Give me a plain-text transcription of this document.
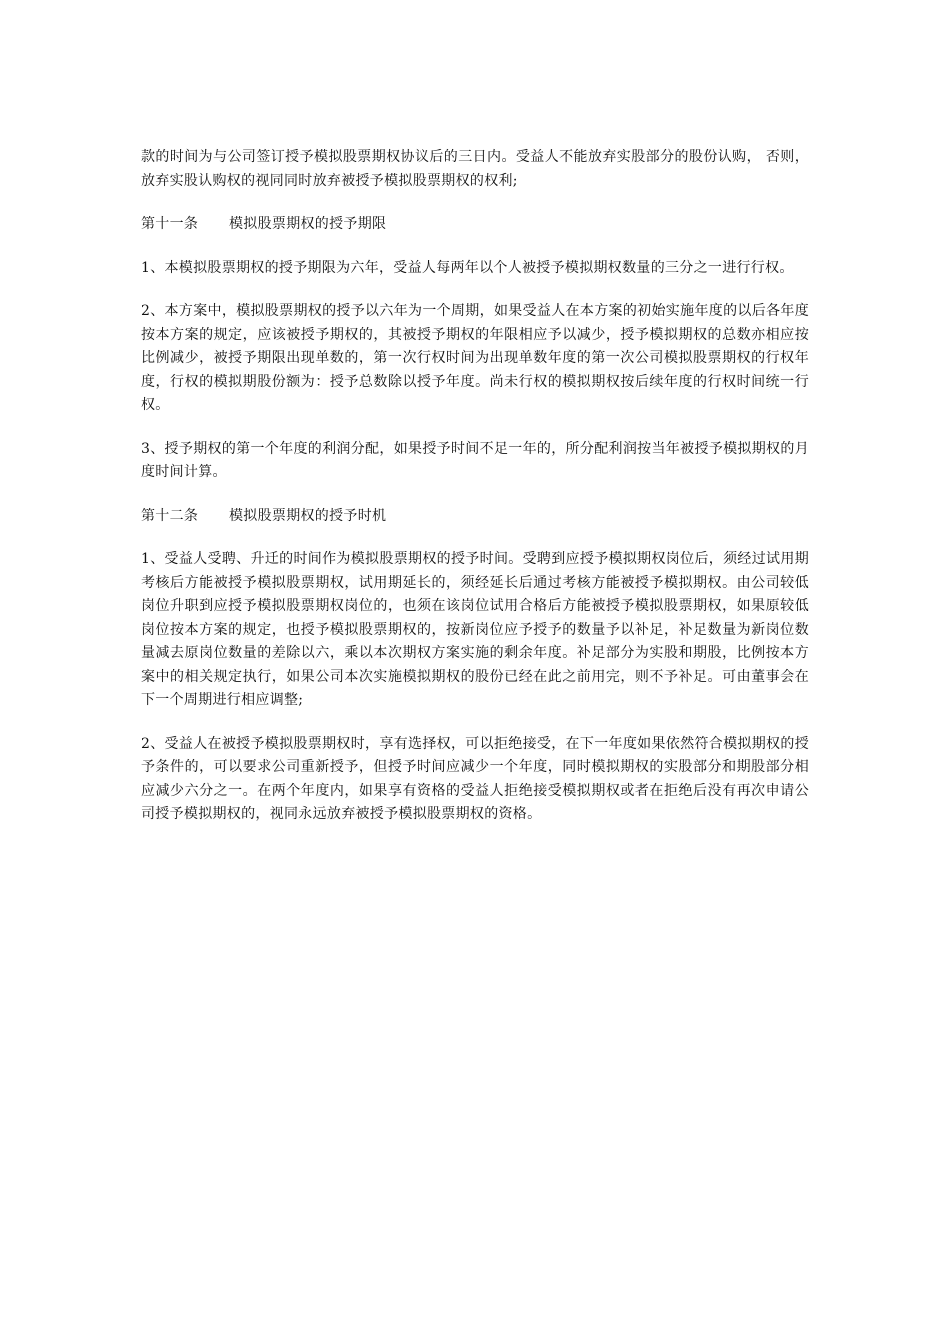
款的时间为与公司签订授予模拟股票期权协议后的三日内。受益人不能放弃实股部分的股份认购， 否则，放弃实股认购权的视同同时放弃被授予模拟股票期权的权利;

第十一条 模拟股票期权的授予期限

1、本模拟股票期权的授予期限为六年，受益人每两年以个人被授予模拟期权数量的三分之一进行行权。

2、本方案中，模拟股票期权的授予以六年为一个周期，如果受益人在本方案的初始实施年度的以后各年度按本方案的规定，应该被授予期权的，其被授予期权的年限相应予以减少，授予模拟期权的总数亦相应按比例减少，被授予期限出现单数的，第一次行权时间为出现单数年度的第一次公司模拟股票期权的行权年度，行权的模拟期股份额为：授予总数除以授予年度。尚未行权的模拟期权按后续年度的行权时间统一行权。

3、授予期权的第一个年度的利润分配，如果授予时间不足一年的，所分配利润按当年被授予模拟期权的月度时间计算。

第十二条 模拟股票期权的授予时机

1、受益人受聘、升迁的时间作为模拟股票期权的授予时间。受聘到应授予模拟期权岗位后，须经过试用期考核后方能被授予模拟股票期权，试用期延长的，须经延长后通过考核方能被授予模拟期权。由公司较低岗位升职到应授予模拟股票期权岗位的，也须在该岗位试用合格后方能被授予模拟股票期权，如果原较低岗位按本方案的规定，也授予模拟股票期权的，按新岗位应予授予的数量予以补足，补足数量为新岗位数量减去原岗位数量的差除以六，乘以本次期权方案实施的剩余年度。补足部分为实股和期股，比例按本方案中的相关规定执行，如果公司本次实施模拟期权的股份已经在此之前用完，则不予补足。可由董事会在下一个周期进行相应调整;

2、受益人在被授予模拟股票期权时，享有选择权，可以拒绝接受，在下一年度如果依然符合模拟期权的授予条件的，可以要求公司重新授予，但授予时间应减少一个年度，同时模拟期权的实股部分和期股部分相应减少六分之一。在两个年度内，如果享有资格的受益人拒绝接受模拟期权或者在拒绝后没有再次申请公司授予模拟期权的，视同永远放弃被授予模拟股票期权的资格。
